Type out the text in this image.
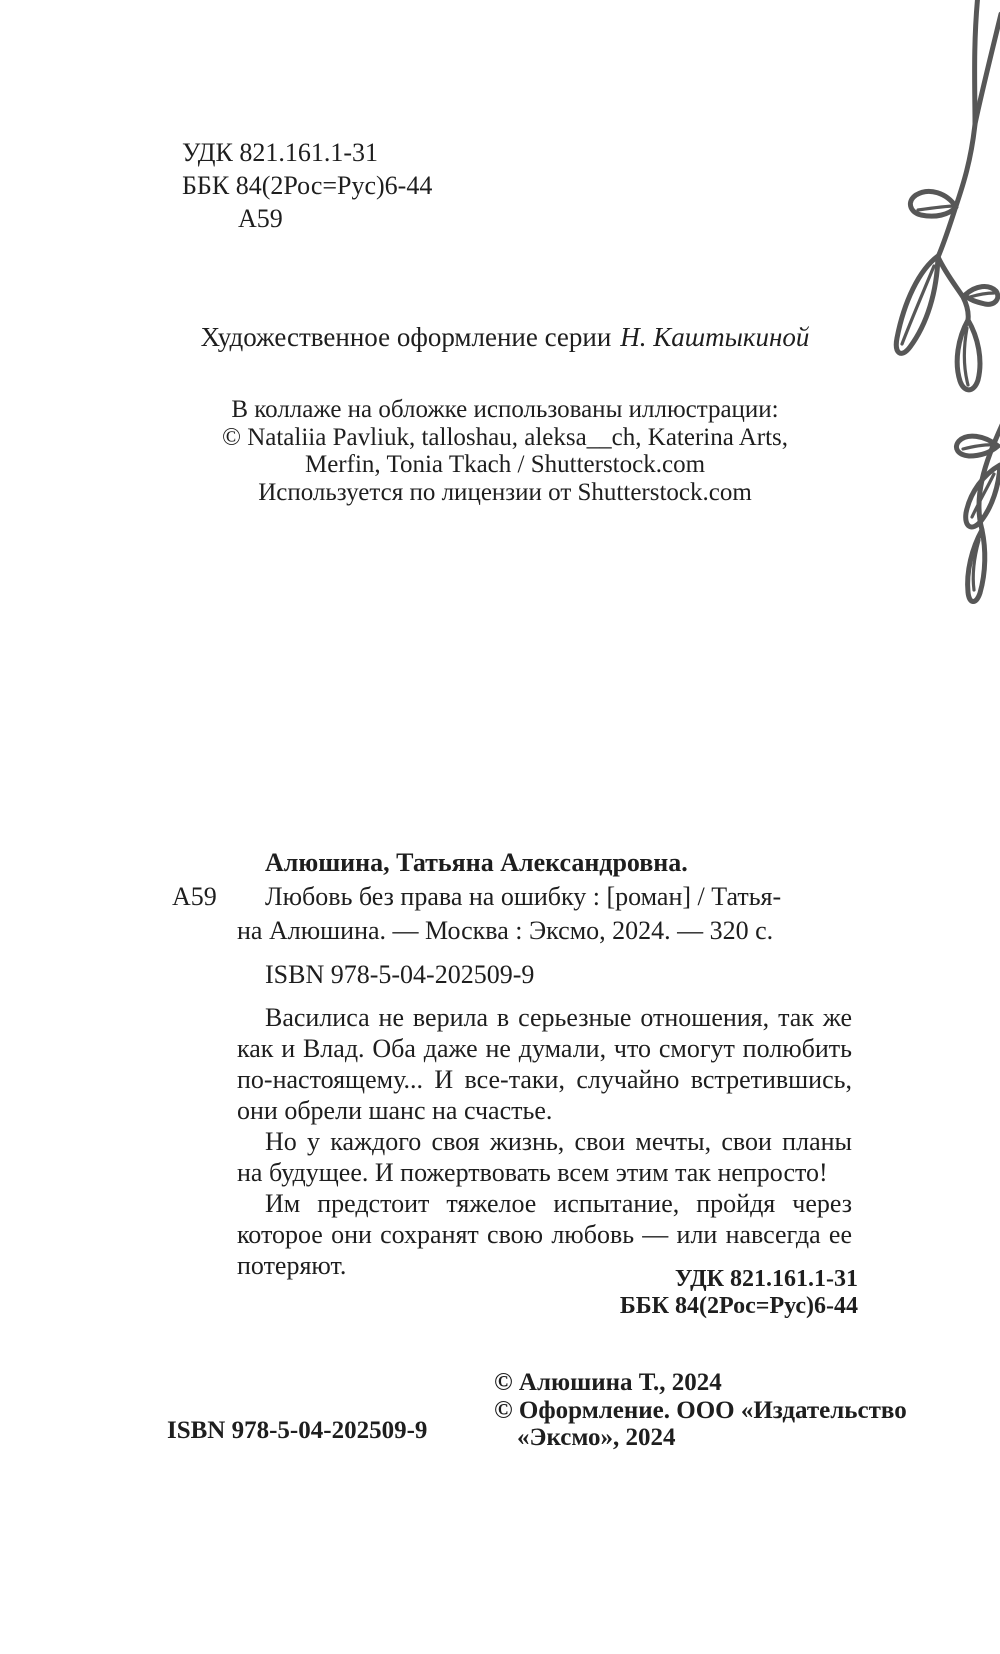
УДК 821.161.1-31
ББК 84(2Рос=Рус)6-44
А59
Художественное оформление серии Н. Каштыкиной
В коллаже на обложке использованы иллюстрации:
© Nataliia Pavliuk, talloshau, aleksa__ch, Katerina Arts,
Merfin, Tonia Tkach / Shutterstock.com
Используется по лицензии от Shutterstock.com
А59
Алюшина, Татьяна Александровна.
Любовь без права на ошибку : [роман] / Татья-
на Алюшина. — Москва : Эксмо, 2024. — 320 с.
ISBN 978-5-04-202509-9

Василиса не верила в серьезные отношения, так же как и Влад. Оба даже не думали, что смогут полюбить по-настоящему... И все-таки, случайно встретившись, они обрели шанс на счастье.

Но у каждого своя жизнь, свои мечты, свои планы на будущее. И пожертвовать всем этим так непросто!

Им предстоит тяжелое испытание, пройдя через которое они сохранят свою любовь — или навсегда ее потеряют.	УДК 821.161.1-31
ББК 84(2Рос=Рус)6-44
ISBN 978-5-04-202509-9
© Алюшина Т., 2024
© Оформление. ООО «Издательство
«Эксмо», 2024
